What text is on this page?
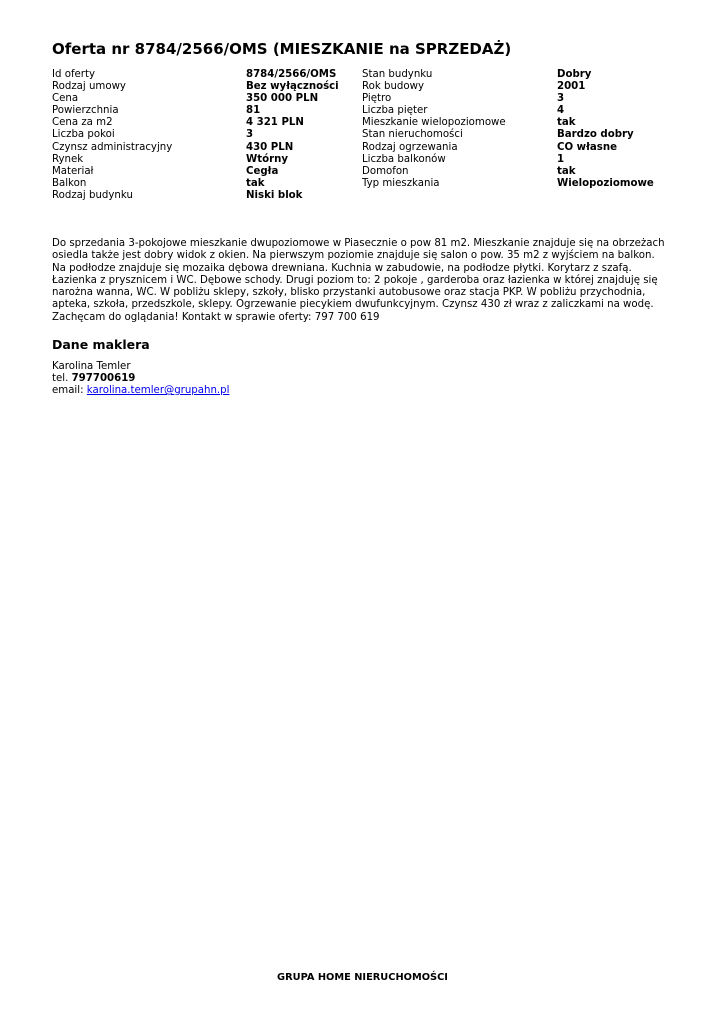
Oferta nr 8784/2566/OMS (MIESZKANIE na SPRZEDAŻ)
Id oferty
Rodzaj umowy
Cena
Powierzchnia
Cena za m2
Liczba pokoi
Czynsz administracyjny
Rynek
Materiał
Balkon
Rodzaj budynku
8784/2566/OMS
Bez wyłączności
350 000 PLN
81
4 321 PLN
3
430 PLN
Wtórny
Cegła
tak
Niski blok
Stan budynku
Rok budowy
Piętro
Liczba pięter
Mieszkanie wielopoziomowe
Stan nieruchomości
Rodzaj ogrzewania
Liczba balkonów
Domofon
Typ mieszkania
Dobry
2001
3
4
tak
Bardzo dobry
CO własne
1
tak
Wielopoziomowe

Do sprzedania 3-pokojowe mieszkanie dwupoziomowe w Piasecznie o pow 81 m2. Mieszkanie znajduje się na obrzeżach osiedla także jest dobry widok z okien. Na pierwszym poziomie znajduje się salon o pow. 35 m2 z wyjściem na balkon. Na podłodze znajduje się mozaika dębowa drewniana. Kuchnia w zabudowie, na podłodze płytki. Korytarz z szafą. Łazienka z prysznicem i WC. Dębowe schody. Drugi poziom to: 2 pokoje , garderoba oraz łazienka w której znajduję się narożna wanna, WC. W pobliżu sklepy, szkoły, blisko przystanki autobusowe oraz stacja PKP. W pobliżu przychodnia, apteka, szkoła, przedszkole, sklepy. Ogrzewanie piecykiem dwufunkcyjnym. Czynsz 430 zł wraz z zaliczkami na wodę. Zachęcam do oglądania! Kontakt w sprawie oferty: 797 700 619

Dane maklera
Karolina Temler
tel. 797700619
email: karolina.temler@grupahn.pl
GRUPA HOME NIERUCHOMOŚCI
